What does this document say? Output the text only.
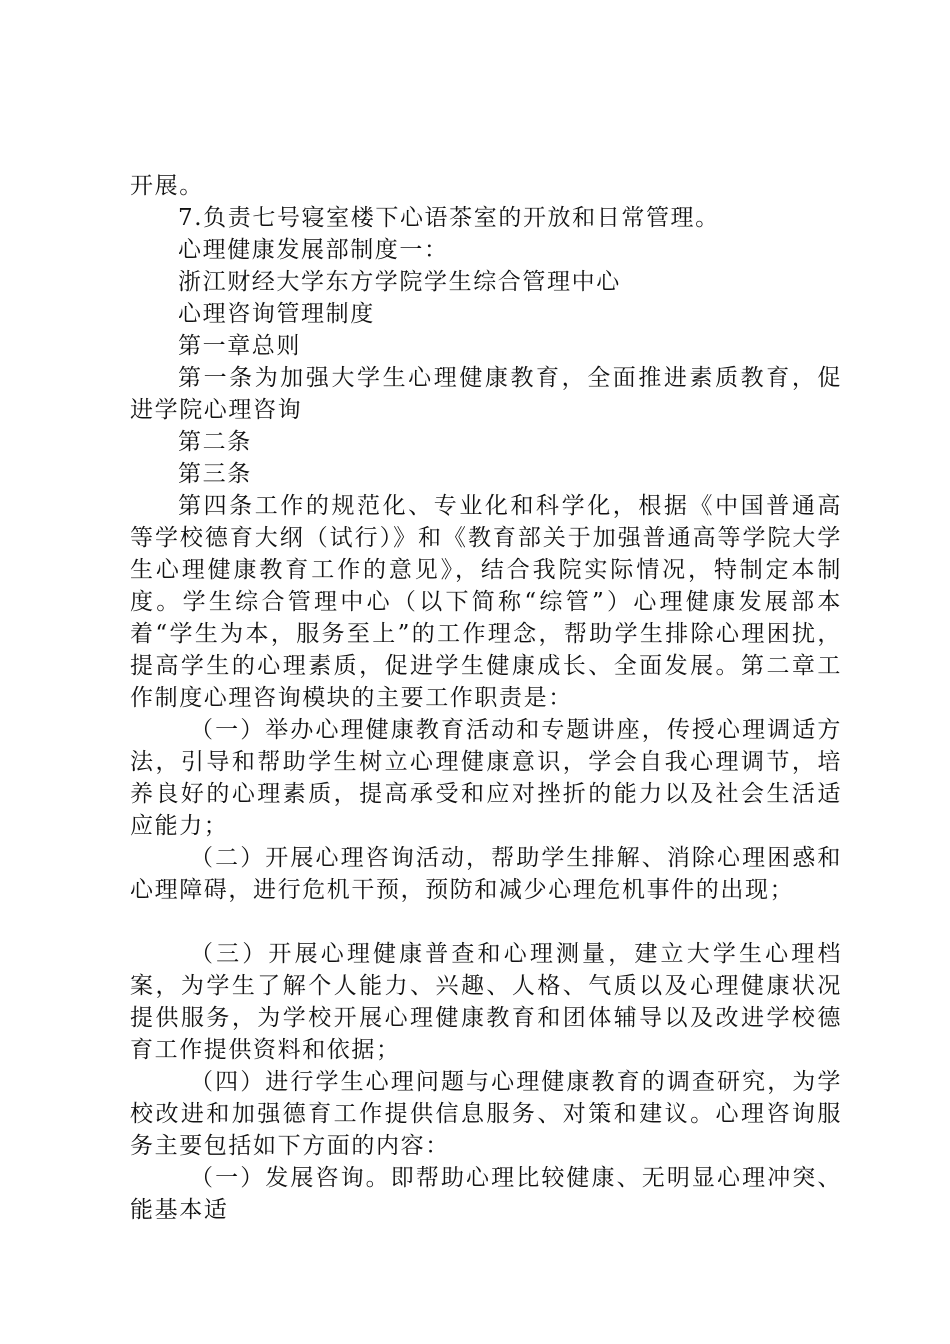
开展。

7.负责七号寝室楼下心语茶室的开放和日常管理。

心理健康发展部制度一：

浙江财经大学东方学院学生综合管理中心

心理咨询管理制度

第一章总则

第一条为加强大学生心理健康教育，全面推进素质教育，促进学院心理咨询

第二条

第三条

第四条工作的规范化、专业化和科学化，根据《中国普通高等学校德育大纲（试行）》和《教育部关于加强普通高等学院大学生心理健康教育工作的意见》，结合我院实际情况，特制定本制度。学生综合管理中心（以下简称“综管”）心理健康发展部本着“学生为本，服务至上”的工作理念，帮助学生排除心理困扰，提高学生的心理素质，促进学生健康成长、全面发展。第二章工作制度心理咨询模块的主要工作职责是：

（一）举办心理健康教育活动和专题讲座，传授心理调适方法，引导和帮助学生树立心理健康意识，学会自我心理调节，培养良好的心理素质，提高承受和应对挫折的能力以及社会生活适应能力；

（二）开展心理咨询活动，帮助学生排解、消除心理困惑和心理障碍，进行危机干预，预防和减少心理危机事件的出现；

（三）开展心理健康普查和心理测量，建立大学生心理档案，为学生了解个人能力、兴趣、人格、气质以及心理健康状况提供服务，为学校开展心理健康教育和团体辅导以及改进学校德育工作提供资料和依据；

（四）进行学生心理问题与心理健康教育的调查研究，为学校改进和加强德育工作提供信息服务、对策和建议。心理咨询服务主要包括如下方面的内容：

（一）发展咨询。即帮助心理比较健康、无明显心理冲突、能基本适
